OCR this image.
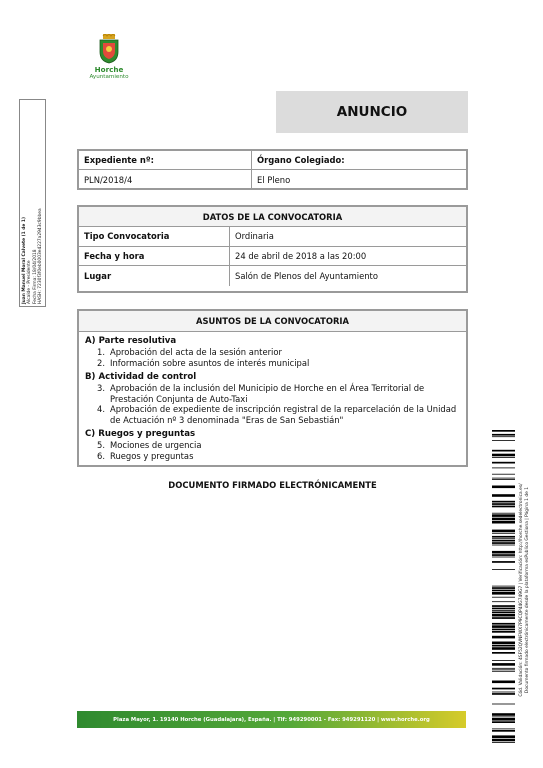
Horche
Ayuntamiento
ANUNCIO
Expediente nº:	Órgano Colegiado:
PLN/2018/4	El Pleno
DATOS DE LA CONVOCATORIA
Tipo Convocatoria	Ordinaria
Fecha y hora	24 de abril de 2018 a las 20:00
Lugar	Salón de Plenos del Ayuntamiento
ASUNTOS DE LA CONVOCATORIA
A) Parte resolutiva
1. Aprobación del acta de la sesión anterior
2. Información sobre asuntos de interés municipal
B) Actividad de control
3. Aprobación de la inclusión del Municipio de Horche en el Área Territorial de Prestación Conjunta de Auto-Taxi
4. Aprobación de expediente de inscripción registral de la reparcelación de la Unidad de Actuación nº 3 denominada "Eras de San Sebastián"
C) Ruegos y preguntas
5. Mociones de urgencia
6. Ruegos y preguntas
DOCUMENTO FIRMADO ELECTRÓNICAMENTE
Juan Manuel Moral Calvete (1 de 1) Alcalde - Presidente Fecha Firma: 18/04/2018 HASH: 7230f3f0eb0003e4227a2943c9bbea
Cód. Validación: 4SF52QVNFWX7P9CQP44G749G7 | Verificación: http://horche.sedelectronica.es/ Documento firmado electrónicamente desde la plataforma esPublico Gestiona | Página 1 de 1
Plaza Mayor, 1. 19140 Horche (Guadalajara), España. | Tlf: 949290001 - Fax: 949291120 | www.horche.org
